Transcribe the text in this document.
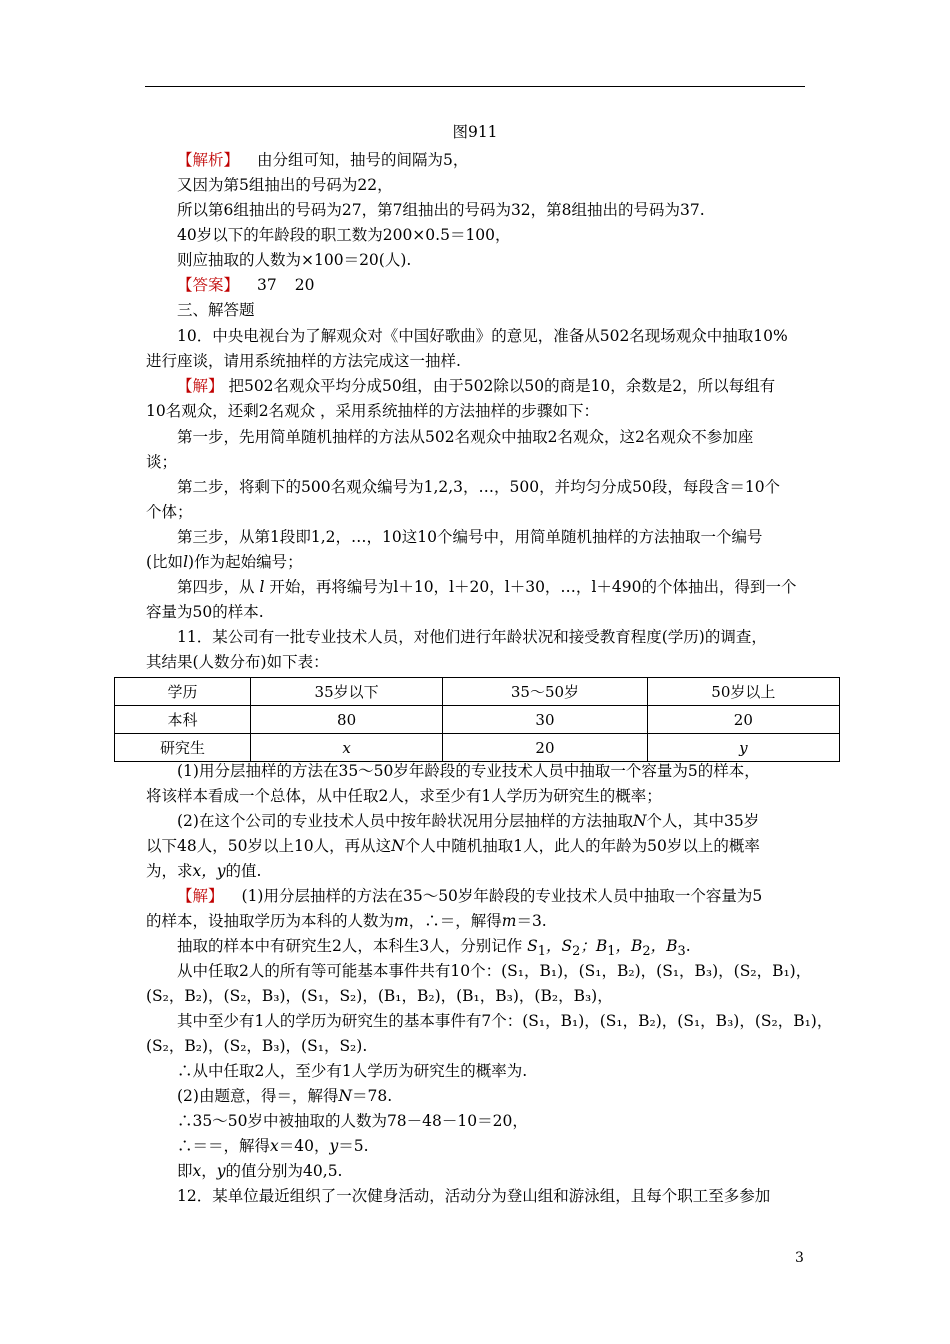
图911
【解析】 由分组可知，抽号的间隔为5，
又因为第5组抽出的号码为22，
所以第6组抽出的号码为27，第7组抽出的号码为32，第8组抽出的号码为37.
40岁以下的年龄段的职工数为200×0.5＝100，
则应抽取的人数为×100＝20(人).
【答案】 37 20
三、解答题
10．中央电视台为了解观众对《中国好歌曲》的意见，准备从502名现场观众中抽取10%
进行座谈，请用系统抽样的方法完成这一抽样.
【解】 把502名观众平均分成50组，由于502除以50的商是10，余数是2，所以每组有
10名观众，还剩2名观众 ，采用系统抽样的方法抽样的步骤如下：
第一步，先用简单随机抽样的方法从502名观众中抽取2名观众，这2名观众不参加座
谈；
第二步，将剩下的500名观众编号为1,2,3，…，500，并均匀分成50段，每段含＝10个
个体；
第三步，从第1段即1,2，…，10这10个编号中，用简单随机抽样的方法抽取一个编号
(比如l)作为起始编号；
第四步，从 l 开始，再将编号为l＋10，l＋20，l＋30，…，l＋490的个体抽出，得到一个
容量为50的样本.
11．某公司有一批专业技术人员，对他们进行年龄状况和接受教育程度(学历)的调查，
其结果(人数分布)如下表：
学历	35岁以下	35～50岁	50岁以上
本科	80	30	20
研究生	x	20	y
(1)用分层抽样的方法在35～50岁年龄段的专业技术人员中抽取一个容量为5的样本，
将该样本看成一个总体，从中任取2人，求至少有1人学历为研究生的概率；
(2)在这个公司的专业技术人员中按年龄状况用分层抽样的方法抽取N个人，其中35岁
以下48人，50岁以上10人，再从这N个人中随机抽取1人，此人的年龄为50岁以上的概率
为，求x，y的值.
【解】 (1)用分层抽样的方法在35～50岁年龄段的专业技术人员中抽取一个容量为5
的样本，设抽取学历为本科的人数为m，∴＝，解得m＝3.
抽取的样本中有研究生2人，本科生3人，分别记作 $S_1$，$S_2$；$B_1$，$B_2$，$B_3$.
从中任取2人的所有等可能基本事件共有10个：(S₁，B₁)，(S₁，B₂)，(S₁，B₃)，(S₂，B₁)，
(S₂，B₂)，(S₂，B₃)，(S₁，S₂)，(B₁，B₂)，(B₁，B₃)，(B₂，B₃)，
其中至少有1人的学历为研究生的基本事件有7个：(S₁，B₁)，(S₁，B₂)，(S₁，B₃)，(S₂，B₁)，
(S₂，B₂)，(S₂，B₃)，(S₁，S₂).
∴从中任取2人，至少有1人学历为研究生的概率为.
(2)由题意，得＝，解得N＝78.
∴35～50岁中被抽取的人数为78－48－10＝20，
∴＝＝，解得x＝40，y＝5.
即x，y的值分别为40,5.
12．某单位最近组织了一次健身活动，活动分为登山组和游泳组，且每个职工至多参加
3
